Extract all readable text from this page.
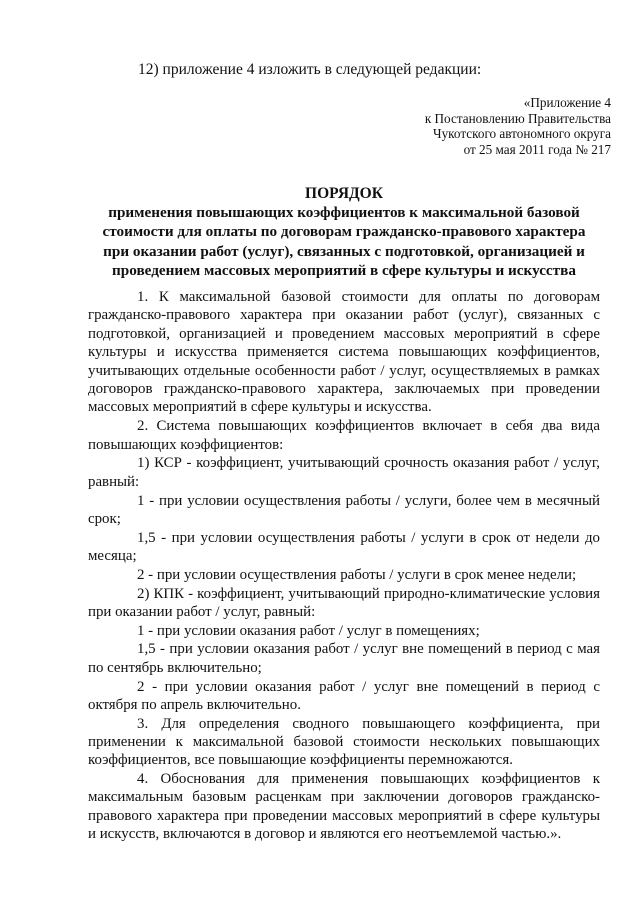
12) приложение 4 изложить в следующей редакции:
«Приложение 4
к Постановлению Правительства
Чукотского автономного округа
от 25 мая 2011 года № 217
ПОРЯДОК
применения повышающих коэффициентов к максимальной базовой стоимости для оплаты по договорам гражданско-правового характера при оказании работ (услуг), связанных с подготовкой, организацией и проведением массовых мероприятий в сфере культуры и искусства

1. К максимальной базовой стоимости для оплаты по договорам гражданско-правового характера при оказании работ (услуг), связанных с подготовкой, организацией и проведением массовых мероприятий в сфере культуры и искусства применяется система повышающих коэффициентов, учитывающих отдельные особенности работ / услуг, осуществляемых в рамках договоров гражданско-правового характера, заключаемых при проведении массовых мероприятий в сфере культуры и искусства.

2. Система повышающих коэффициентов включает в себя два вида повышающих коэффициентов:

1) КСР - коэффициент, учитывающий срочность оказания работ / услуг, равный:

1 - при условии осуществления работы / услуги, более чем в месячный срок;

1,5 - при условии осуществления работы / услуги в срок от недели до месяца;

2 - при условии осуществления работы / услуги в срок менее недели;

2) КПК - коэффициент, учитывающий природно-климатические условия при оказании работ / услуг, равный:

1 - при условии оказания работ / услуг в помещениях;

1,5 - при условии оказания работ / услуг вне помещений в период с мая по сентябрь включительно;

2 - при условии оказания работ / услуг вне помещений в период с октября по апрель включительно.

3. Для определения сводного повышающего коэффициента, при применении к максимальной базовой стоимости нескольких повышающих коэффициентов, все повышающие коэффициенты перемножаются.

4. Обоснования для применения повышающих коэффициентов к максимальным базовым расценкам при заключении договоров гражданско-правового характера при проведении массовых мероприятий в сфере культуры и искусств, включаются в договор и являются его неотъемлемой частью.».
